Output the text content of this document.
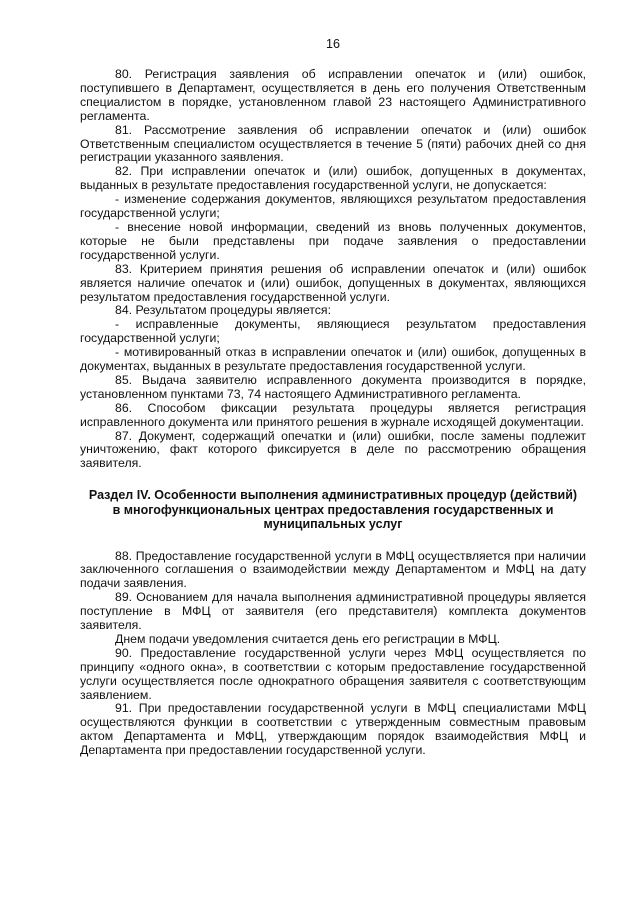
16

80. Регистрация заявления об исправлении опечаток и (или) ошибок, поступившего в Департамент, осуществляется в день его получения Ответственным специалистом в порядке, установленном главой 23 настоящего Административного регламента.

81. Рассмотрение заявления об исправлении опечаток и (или) ошибок Ответственным специалистом осуществляется в течение 5 (пяти) рабочих дней со дня регистрации указанного заявления.

82. При исправлении опечаток и (или) ошибок, допущенных в документах, выданных в результате предоставления государственной услуги, не допускается:

- изменение содержания документов, являющихся результатом предоставления государственной услуги;

- внесение новой информации, сведений из вновь полученных документов, которые не были представлены при подаче заявления о предоставлении государственной услуги.

83. Критерием принятия решения об исправлении опечаток и (или) ошибок является наличие опечаток и (или) ошибок, допущенных в документах, являющихся результатом предоставления государственной услуги.

84. Результатом процедуры является:

- исправленные документы, являющиеся результатом предоставления государственной услуги;

- мотивированный отказ в исправлении опечаток и (или) ошибок, допущенных в документах, выданных в результате предоставления государственной услуги.

85. Выдача заявителю исправленного документа производится в порядке, установленном пунктами 73, 74 настоящего Административного регламента.

86. Способом фиксации результата процедуры является регистрация исправленного документа или принятого решения в журнале исходящей документации.

87. Документ, содержащий опечатки и (или) ошибки, после замены подлежит уничтожению, факт которого фиксируется в деле по рассмотрению обращения заявителя.

Раздел IV. Особенности выполнения административных процедур (действий) в многофункциональных центрах предоставления государственных и муниципальных услуг

88. Предоставление государственной услуги в МФЦ осуществляется при наличии заключенного соглашения о взаимодействии между Департаментом и МФЦ на дату подачи заявления.

89. Основанием для начала выполнения административной процедуры является поступление в МФЦ от заявителя (его представителя) комплекта документов заявителя.

Днем подачи уведомления считается день его регистрации в МФЦ.

90. Предоставление государственной услуги через МФЦ осуществляется по принципу «одного окна», в соответствии с которым предоставление государственной услуги осуществляется после однократного обращения заявителя с соответствующим заявлением.

91. При предоставлении государственной услуги в МФЦ специалистами МФЦ осуществляются функции в соответствии с утвержденным совместным правовым актом Департамента и МФЦ, утверждающим порядок взаимодействия МФЦ и Департамента при предоставлении государственной услуги.
